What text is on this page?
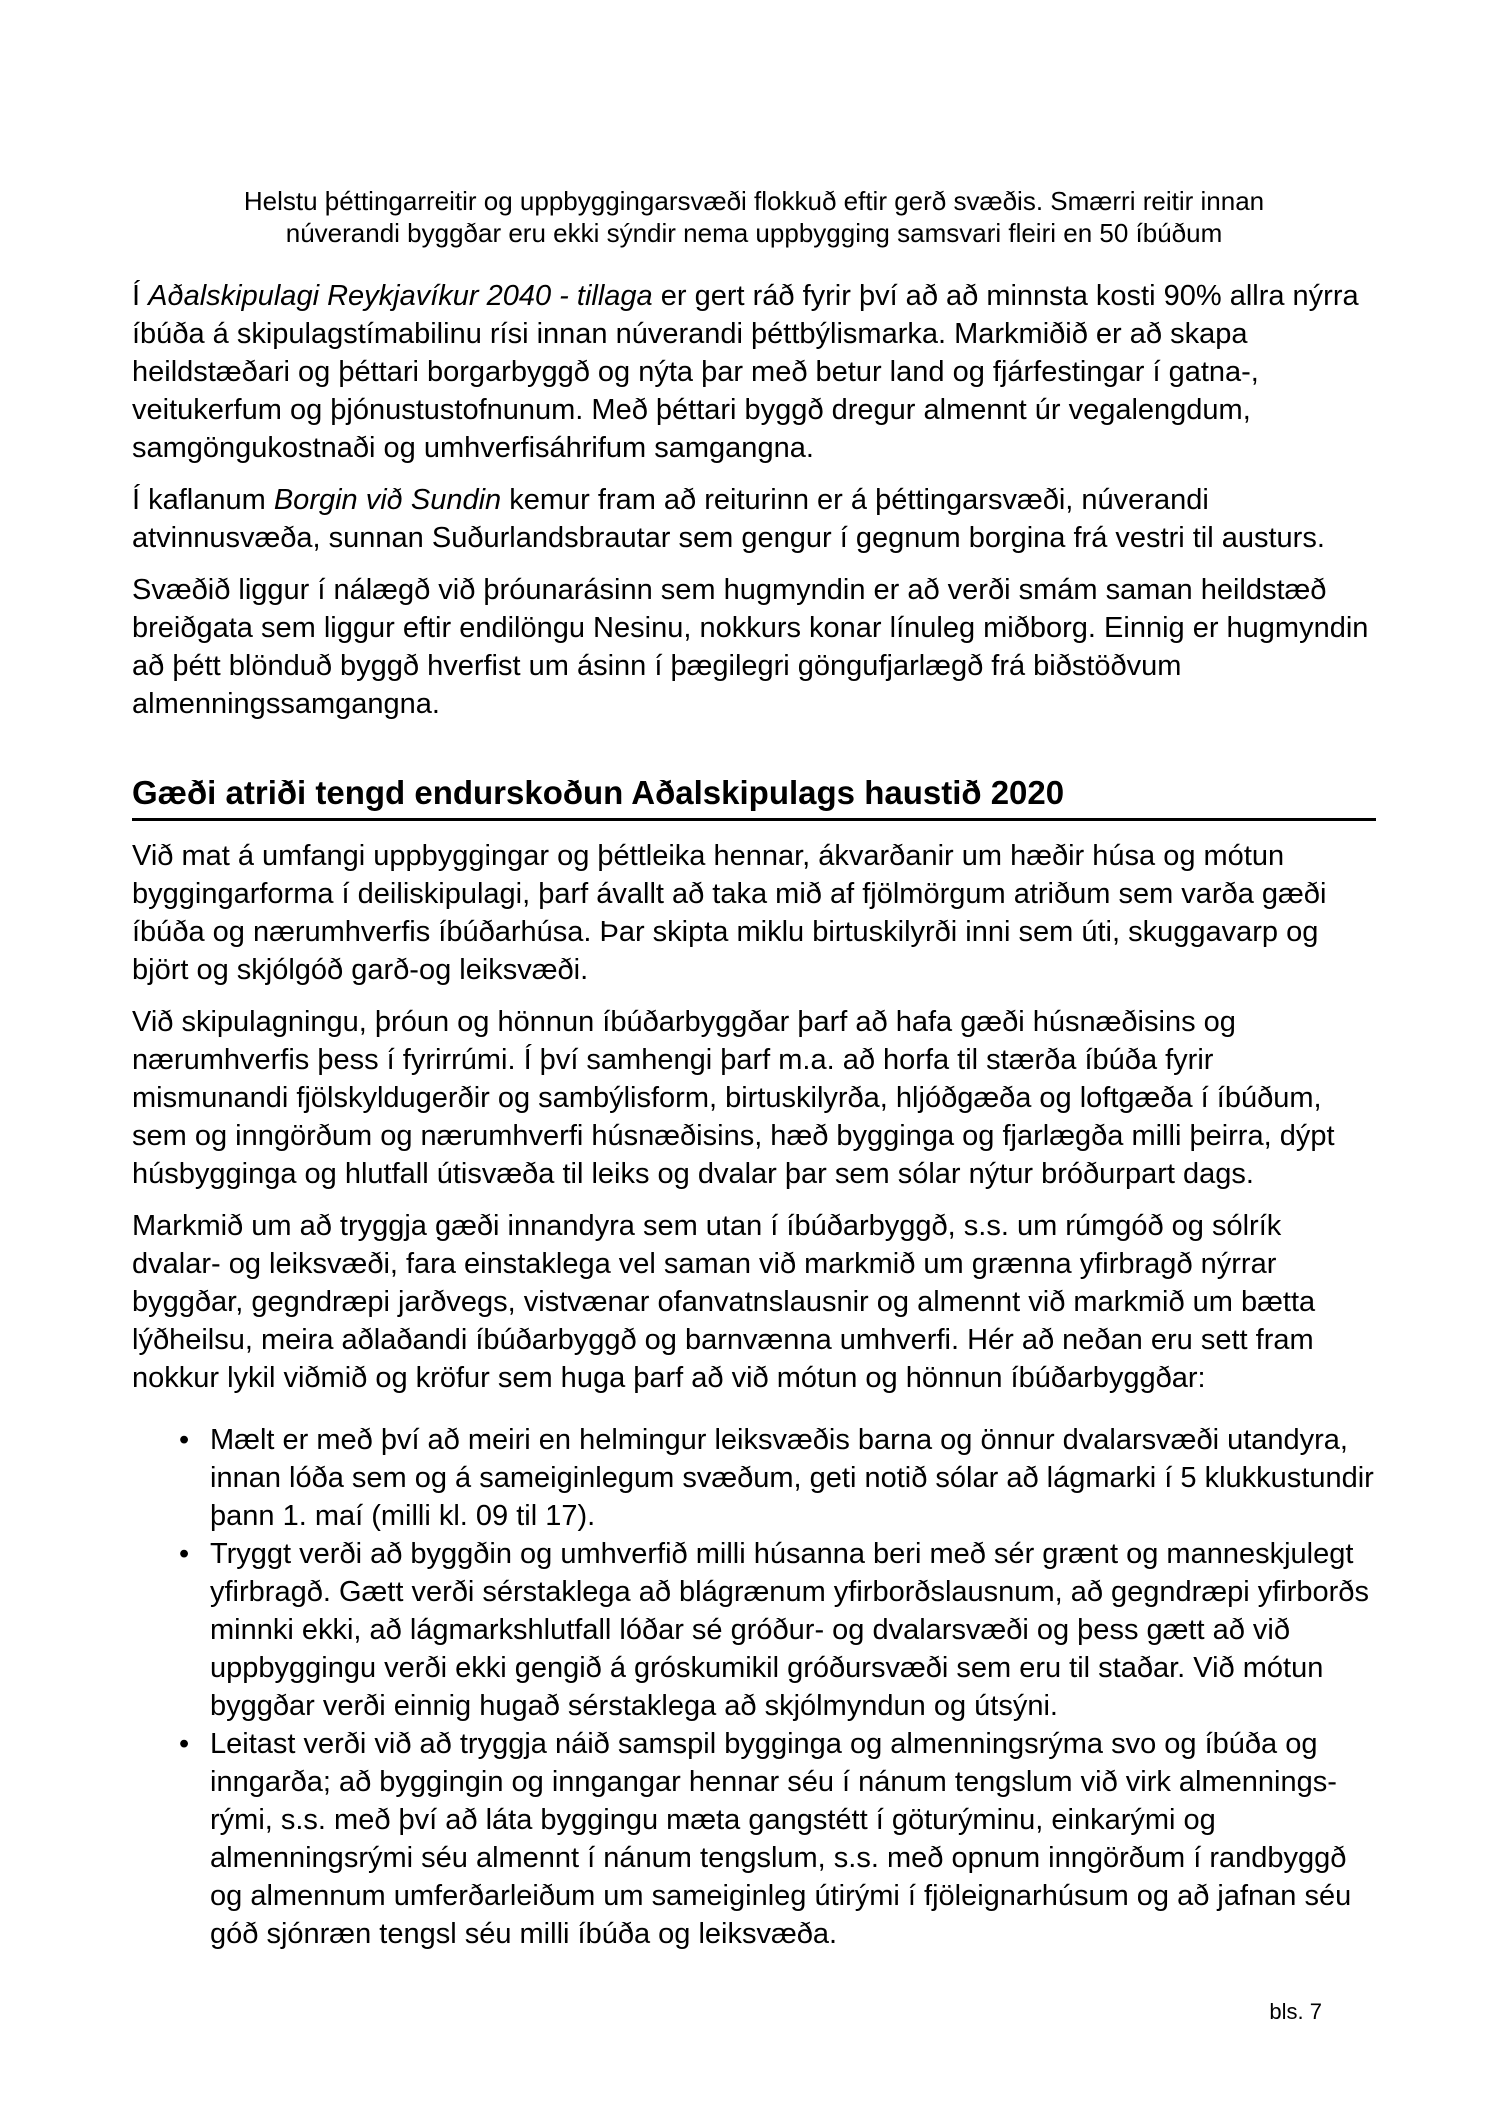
Helstu þéttingarreitir og uppbyggingarsvæði flokkuð eftir gerð svæðis. Smærri reitir innan núverandi byggðar eru ekki sýndir nema uppbygging samsvari fleiri en 50 íbúðum

Í Aðalskipulagi Reykjavíkur 2040 - tillaga er gert ráð fyrir því að að minnsta kosti 90% allra nýrra íbúða á skipulagstímabilinu rísi innan núverandi þéttbýlismarka. Markmiðið er að skapa heildstæðari og þéttari borgarbyggð og nýta þar með betur land og fjárfestingar í gatna-, veitukerfum og þjónustustofnunum. Með þéttari byggð dregur almennt úr vegalengdum, samgöngukostnaði og umhverfisáhrifum samgangna.

Í kaflanum Borgin við Sundin kemur fram að reiturinn er á þéttingarsvæði, núverandi atvinnusvæða, sunnan Suðurlandsbrautar sem gengur í gegnum borgina frá vestri til austurs.

Svæðið liggur í nálægð við þróunarásinn sem hugmyndin er að verði smám saman heildstæð breiðgata sem liggur eftir endilöngu Nesinu, nokkurs konar línuleg miðborg. Einnig er hugmyndin að þétt blönduð byggð hverfist um ásinn í þægilegri göngufjarlægð frá biðstöðvum almenningssamgangna.

Gæði atriði tengd endurskoðun Aðalskipulags haustið 2020

Við mat á umfangi uppbyggingar og þéttleika hennar, ákvarðanir um hæðir húsa og mótun byggingarforma í deiliskipulagi, þarf ávallt að taka mið af fjölmörgum atriðum sem varða gæði íbúða og nærumhverfis íbúðarhúsa. Þar skipta miklu birtuskilyrði inni sem úti, skuggavarp og björt og skjólgóð garð-og leiksvæði.

Við skipulagningu, þróun og hönnun íbúðarbyggðar þarf að hafa gæði húsnæðisins og nærumhverfis þess í fyrirrúmi. Í því samhengi þarf m.a. að horfa til stærða íbúða fyrir mismunandi fjölskyldugerðir og sambýlisform, birtuskilyrða, hljóðgæða og loftgæða í íbúðum, sem og inngörðum og nærumhverfi húsnæðisins, hæð bygginga og fjarlægða milli þeirra, dýpt húsbygginga og hlutfall útisvæða til leiks og dvalar þar sem sólar nýtur bróðurpart dags.

Markmið um að tryggja gæði innandyra sem utan í íbúðarbyggð, s.s. um rúmgóð og sólrík dvalar- og leiksvæði, fara einstaklega vel saman við markmið um grænna yfirbragð nýrrar byggðar, gegndræpi jarðvegs, vistvænar ofanvatnslausnir og almennt við markmið um bætta lýðheilsu, meira aðlaðandi íbúðarbyggð og barnvænna umhverfi. Hér að neðan eru sett fram nokkur lykil viðmið og kröfur sem huga þarf að við mótun og hönnun íbúðarbyggðar:

• Mælt er með því að meiri en helmingur leiksvæðis barna og önnur dvalarsvæði utandyra, innan lóða sem og á sameiginlegum svæðum, geti notið sólar að lágmarki í 5 klukkustundir þann 1. maí (milli kl. 09 til 17).
• Tryggt verði að byggðin og umhverfið milli húsanna beri með sér grænt og manneskjulegt yfirbragð. Gætt verði sérstaklega að blágrænum yfirborðslausnum, að gegndræpi yfirborðs minnki ekki, að lágmarkshlutfall lóðar sé gróður- og dvalarsvæði og þess gætt að við uppbyggingu verði ekki gengið á gróskumikil gróðursvæði sem eru til staðar. Við mótun byggðar verði einnig hugað sérstaklega að skjólmyndun og útsýni.
• Leitast verði við að tryggja náið samspil bygginga og almenningsrýma svo og íbúða og inngarða; að byggingin og inngangar hennar séu í nánum tengslum við virk almennings-rými, s.s. með því að láta byggingu mæta gangstétt í göturýminu, einkarými og almenningsrými séu almennt í nánum tengslum, s.s. með opnum inngörðum í randbyggð og almennum umferðarleiðum um sameiginleg útirými í fjöleignarhúsum og að jafnan séu góð sjónræn tengsl séu milli íbúða og leiksvæða.
bls. 7
